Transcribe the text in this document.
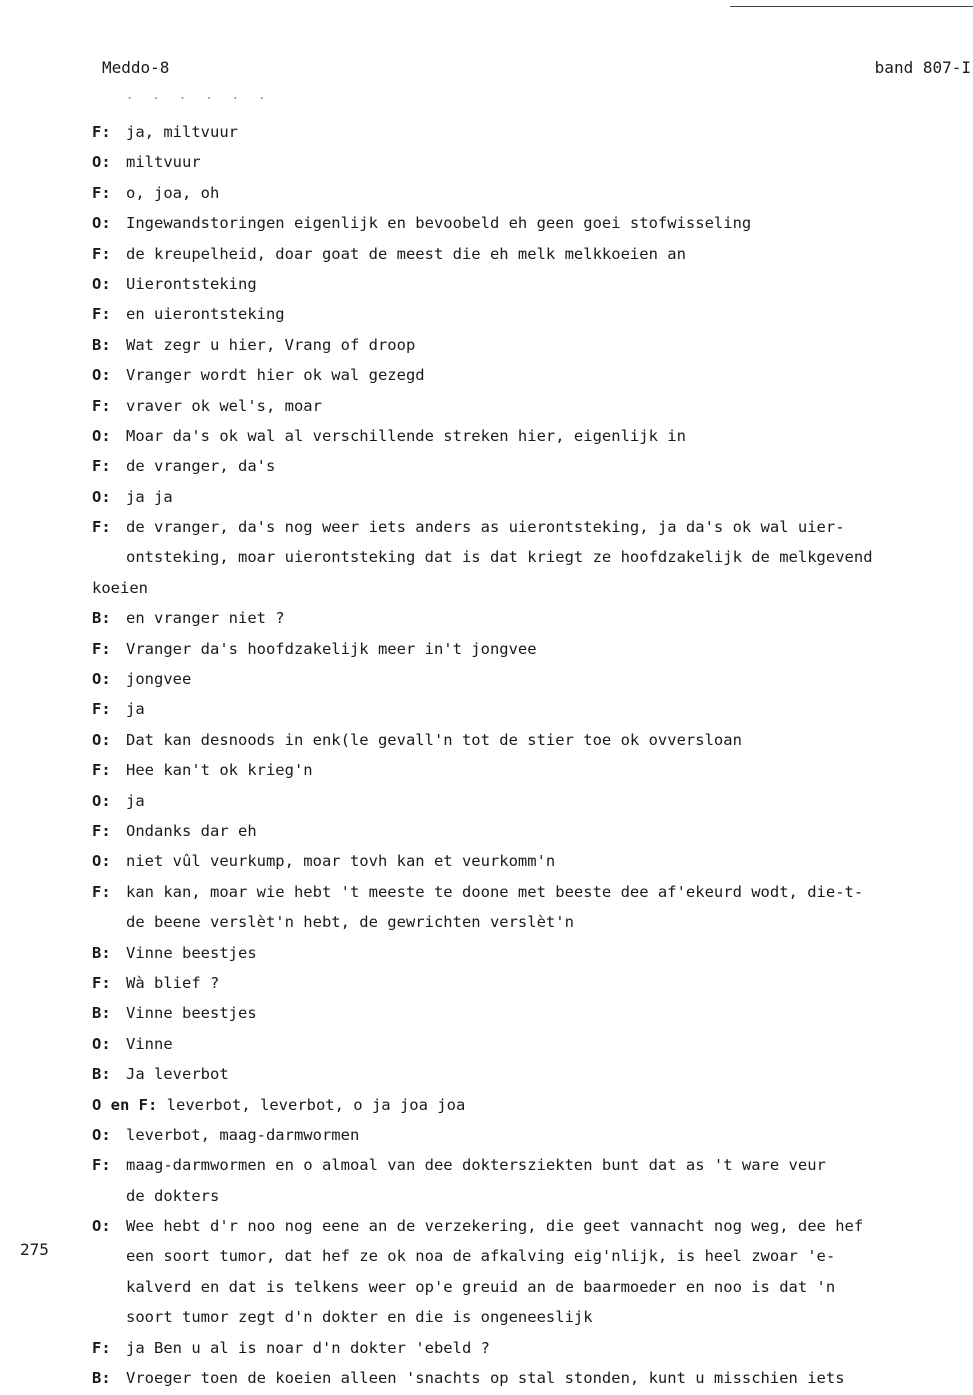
Meddo-8	band 807-I
. . . . . .
275
F: ja, miltvuur
O: miltvuur
F: o, joa, oh
O: Ingewandstoringen eigenlijk en bevoobeld eh geen goei stofwisseling
F: de kreupelheid, doar goat de meest die eh melk melkkoeien an
O: Uierontsteking
F: en uierontsteking
B: Wat zegr u hier, Vrang of droop
O: Vranger wordt hier ok wal gezegd
F: vraver ok wel's, moar
O: Moar da's ok wal al verschillende streken hier, eigenlijk in
F: de vranger, da's
O: ja ja
F: de vranger, da's nog weer iets anders as uierontsteking, ja da's ok wal uier-
ontsteking, moar uierontsteking dat is dat kriegt ze hoofdzakelijk de melkgevend
koeien
B: en vranger niet ?
F: Vranger da's hoofdzakelijk meer in't jongvee
O: jongvee
F: ja
O: Dat kan desnoods in enk(le gevall'n tot de stier toe ok ovversloan
F: Hee kan't ok krieg'n
O: ja
F: Ondanks dar eh
O: niet vûl veurkump, moar tovh kan et veurkomm'n
F: kan kan, moar wie hebt 't meeste te doone met beeste dee af'ekeurd wodt, die-t-
de beene verslèt'n hebt, de gewrichten verslèt'n
B: Vinne beestjes
F: Wà blief ?
B: Vinne beestjes
O: Vinne
B: Ja leverbot
O en F: leverbot, leverbot, o ja joa joa
O: leverbot, maag-darmwormen
F: maag-darmwormen en o almoal van dee doktersziekten bunt dat as 't ware veur
de dokters
O: Wee hebt d'r noo nog eene an de verzekering, die geet vannacht nog weg, dee hef
een soort tumor, dat hef ze ok noa de afkalving eig'nlijk, is heel zwoar 'e-
kalverd en dat is telkens weer op'e greuid an de baarmoeder en noo is dat 'n
soort tumor zegt d'n dokter en die is ongeneeslijk
F: ja Ben u al is noar d'n dokter 'ebeld ?
B: Vroeger toen de koeien alleen 'snachts op stal stonden, kunt u misschien iets
